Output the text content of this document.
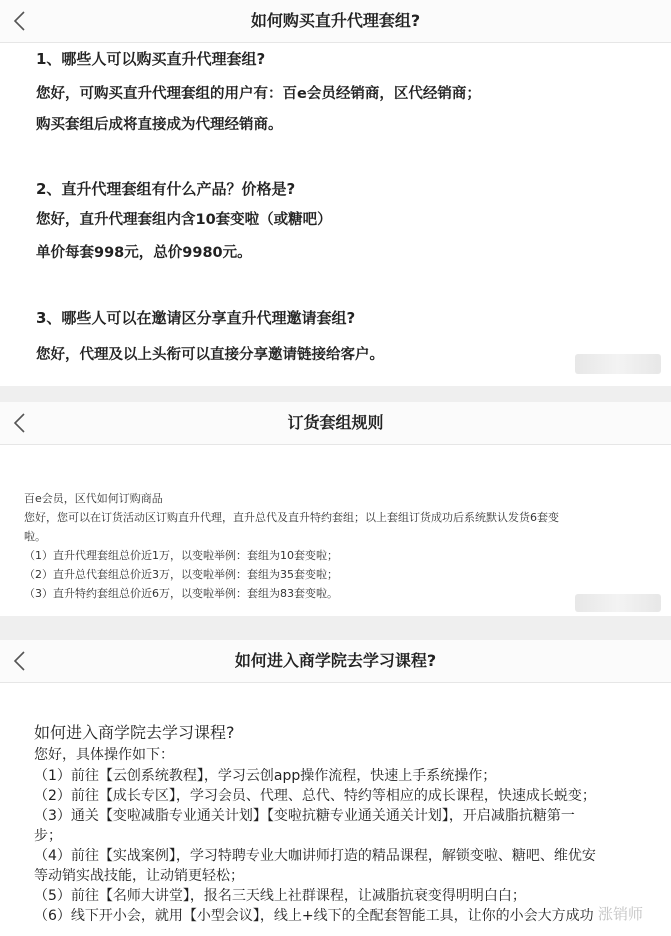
如何购买直升代理套组?
1、哪些人可以购买直升代理套组?

您好，可购买直升代理套组的用户有：百e会员经销商，区代经销商；

购买套组后成将直接成为代理经销商。

2、直升代理套组有什么产品？价格是?

您好，直升代理套组内含10套变啦（或糖吧）

单价每套998元，总价9980元。

3、哪些人可以在邀请区分享直升代理邀请套组?

您好，代理及以上头衔可以直接分享邀请链接给客户。

订货套组规则
百e会员，区代如何订购商品
您好，您可以在订货活动区订购直升代理，直升总代及直升特约套组；以上套组订货成功后系统默认发货6套变
啦。
（1）直升代理套组总价近1万，以变啦举例：套组为10套变啦；
（2）直升总代套组总价近3万，以变啦举例：套组为35套变啦；
（3）直升特约套组总价近6万，以变啦举例：套组为83套变啦。
如何进入商学院去学习课程?
如何进入商学院去学习课程?
您好，具体操作如下：
（1）前往【云创系统教程】，学习云创app操作流程，快速上手系统操作；
（2）前往【成长专区】，学习会员、代理、总代、特约等相应的成长课程，快速成长蜕变；
（3）通关【变啦减脂专业通关计划】【变啦抗糖专业通关通关计划】，开启减脂抗糖第一
步；
（4）前往【实战案例】，学习特聘专业大咖讲师打造的精品课程，解锁变啦、糖吧、维优安
等动销实战技能，让动销更轻松；
（5）前往【名师大讲堂】，报名三天线上社群课程，让减脂抗衰变得明明白白；
（6）线下开小会，就用【小型会议】，线上+线下的全配套智能工具，让你的小会大方成功 涨销师
